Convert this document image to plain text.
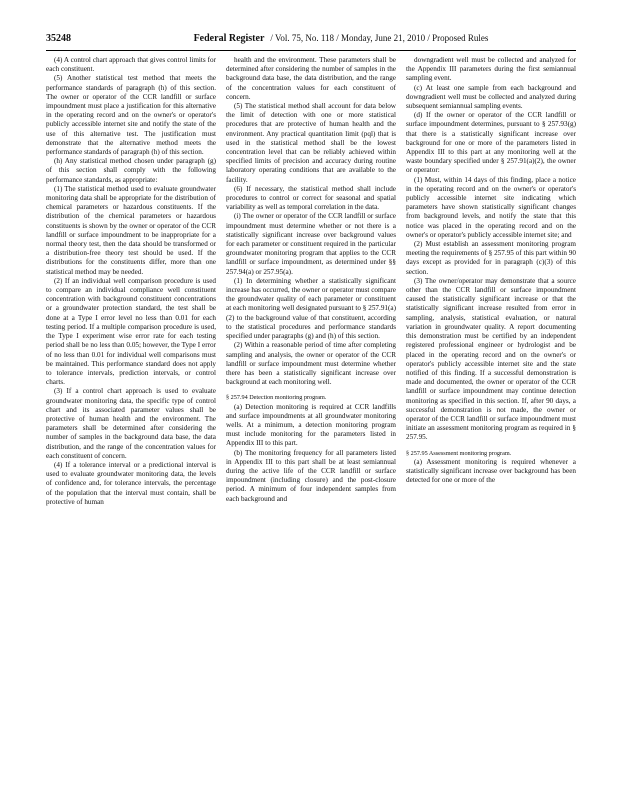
35248	Federal Register / Vol. 75, No. 118 / Monday, June 21, 2010 / Proposed Rules

(4) A control chart approach that gives control limits for each constituent.

(5) Another statistical test method that meets the performance standards of paragraph (h) of this section. The owner or operator of the CCR landfill or surface impoundment must place a justification for this alternative in the operating record and on the owner's or operator's publicly accessible internet site and notify the state of the use of this alternative test. The justification must demonstrate that the alternative method meets the performance standards of paragraph (h) of this section.

(h) Any statistical method chosen under paragraph (g) of this section shall comply with the following performance standards, as appropriate:

(1) The statistical method used to evaluate groundwater monitoring data shall be appropriate for the distribution of chemical parameters or hazardous constituents. If the distribution of the chemical parameters or hazardous constituents is shown by the owner or operator of the CCR landfill or surface impoundment to be inappropriate for a normal theory test, then the data should be transformed or a distribution-free theory test should be used. If the distributions for the constituents differ, more than one statistical method may be needed.

(2) If an individual well comparison procedure is used to compare an individual compliance well constituent concentration with background constituent concentrations or a groundwater protection standard, the test shall be done at a Type I error level no less than 0.01 for each testing period. If a multiple comparison procedure is used, the Type I experiment wise error rate for each testing period shall be no less than 0.05; however, the Type I error of no less than 0.01 for individual well comparisons must be maintained. This performance standard does not apply to tolerance intervals, prediction intervals, or control charts.

(3) If a control chart approach is used to evaluate groundwater monitoring data, the specific type of control chart and its associated parameter values shall be protective of human health and the environment. The parameters shall be determined after considering the number of samples in the background data base, the data distribution, and the range of the concentration values for each constituent of concern.

(4) If a tolerance interval or a predictional interval is used to evaluate groundwater monitoring data, the levels of confidence and, for tolerance intervals, the percentage of the population that the interval must contain, shall be protective of human

health and the environment. These parameters shall be determined after considering the number of samples in the background data base, the data distribution, and the range of the concentration values for each constituent of concern.

(5) The statistical method shall account for data below the limit of detection with one or more statistical procedures that are protective of human health and the environment. Any practical quantitation limit (pql) that is used in the statistical method shall be the lowest concentration level that can be reliably achieved within specified limits of precision and accuracy during routine laboratory operating conditions that are available to the facility.

(6) If necessary, the statistical method shall include procedures to control or correct for seasonal and spatial variability as well as temporal correlation in the data.

(i) The owner or operator of the CCR landfill or surface impoundment must determine whether or not there is a statistically significant increase over background values for each parameter or constituent required in the particular groundwater monitoring program that applies to the CCR landfill or surface impoundment, as determined under §§ 257.94(a) or 257.95(a).

(1) In determining whether a statistically significant increase has occurred, the owner or operator must compare the groundwater quality of each parameter or constituent at each monitoring well designated pursuant to § 257.91(a)(2) to the background value of that constituent, according to the statistical procedures and performance standards specified under paragraphs (g) and (h) of this section.

(2) Within a reasonable period of time after completing sampling and analysis, the owner or operator of the CCR landfill or surface impoundment must determine whether there has been a statistically significant increase over background at each monitoring well.

§ 257.94 Detection monitoring program.

(a) Detection monitoring is required at CCR landfills and surface impoundments at all groundwater monitoring wells. At a minimum, a detection monitoring program must include monitoring for the parameters listed in Appendix III to this part.

(b) The monitoring frequency for all parameters listed in Appendix III to this part shall be at least semiannual during the active life of the CCR landfill or surface impoundment (including closure) and the post-closure period. A minimum of four independent samples from each background and

downgradient well must be collected and analyzed for the Appendix III parameters during the first semiannual sampling event.

(c) At least one sample from each background and downgradient well must be collected and analyzed during subsequent semiannual sampling events.

(d) If the owner or operator of the CCR landfill or surface impoundment determines, pursuant to § 257.93(g) that there is a statistically significant increase over background for one or more of the parameters listed in Appendix III to this part at any monitoring well at the waste boundary specified under § 257.91(a)(2), the owner or operator:

(1) Must, within 14 days of this finding, place a notice in the operating record and on the owner's or operator's publicly accessible internet site indicating which parameters have shown statistically significant changes from background levels, and notify the state that this notice was placed in the operating record and on the owner's or operator's publicly accessible internet site; and

(2) Must establish an assessment monitoring program meeting the requirements of § 257.95 of this part within 90 days except as provided for in paragraph (c)(3) of this section.

(3) The owner/operator may demonstrate that a source other than the CCR landfill or surface impoundment caused the statistically significant increase or that the statistically significant increase resulted from error in sampling, analysis, statistical evaluation, or natural variation in groundwater quality. A report documenting this demonstration must be certified by an independent registered professional engineer or hydrologist and be placed in the operating record and on the owner's or operator's publicly accessible internet site and the state notified of this finding. If a successful demonstration is made and documented, the owner or operator of the CCR landfill or surface impoundment may continue detection monitoring as specified in this section. If, after 90 days, a successful demonstration is not made, the owner or operator of the CCR landfill or surface impoundment must initiate an assessment monitoring program as required in § 257.95.

§ 257.95 Assessment monitoring program.

(a) Assessment monitoring is required whenever a statistically significant increase over background has been detected for one or more of the
